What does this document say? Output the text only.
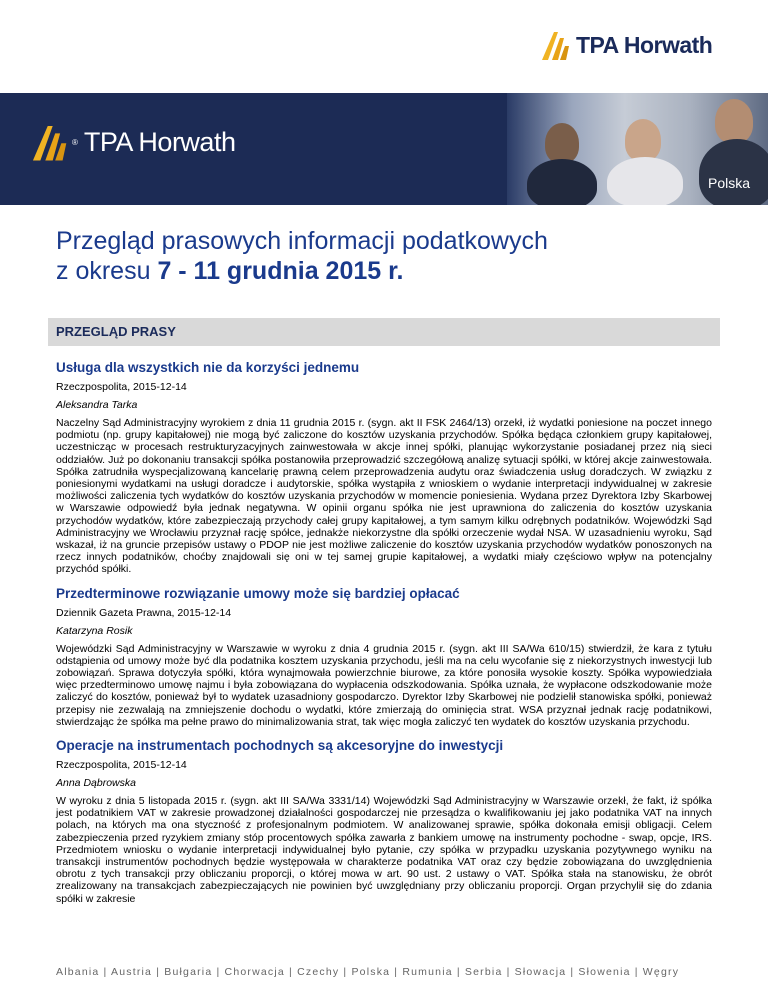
TPA Horwath
® TPA Horwath
Polska
Przegląd prasowych informacji podatkowych
z okresu 7 - 11 grudnia 2015 r.
PRZEGLĄD PRASY
Usługa dla wszystkich nie da korzyści jednemu
Rzeczpospolita, 2015-12-14
Aleksandra Tarka

Naczelny Sąd Administracyjny wyrokiem z dnia 11 grudnia 2015 r. (sygn. akt II FSK 2464/13) orzekł, iż wydatki poniesione na poczet innego podmiotu (np. grupy kapitałowej) nie mogą być zaliczone do kosztów uzyskania przychodów. Spółka będąca członkiem grupy kapitałowej, uczestnicząc w procesach restrukturyzacyjnych zainwestowała w akcje innej spółki, planując wykorzystanie posiadanej przez nią sieci oddziałów. Już po dokonaniu transakcji spółka postanowiła przeprowadzić szczegółową analizę sytuacji spółki, w której akcje zainwestowała. Spółka zatrudniła wyspecjalizowaną kancelarię prawną celem przeprowadzenia audytu oraz świadczenia usług doradczych. W związku z poniesionymi wydatkami na usługi doradcze i audytorskie, spółka wystąpiła z wnioskiem o wydanie interpretacji indywidualnej w zakresie możliwości zaliczenia tych wydatków do kosztów uzyskania przychodów w momencie poniesienia. Wydana przez Dyrektora Izby Skarbowej w Warszawie odpowiedź była jednak negatywna. W opinii organu spółka nie jest uprawniona do zaliczenia do kosztów uzyskania przychodów wydatków, które zabezpieczają przychody całej grupy kapitałowej, a tym samym kilku odrębnych podatników. Wojewódzki Sąd Administracyjny we Wrocławiu przyznał rację spółce, jednakże niekorzystne dla spółki orzeczenie wydał NSA. W uzasadnieniu wyroku, Sąd wskazał, iż na gruncie przepisów ustawy o PDOP nie jest możliwe zaliczenie do kosztów uzyskania przychodów wydatków ponoszonych na rzecz innych podatników, choćby znajdowali się oni w tej samej grupie kapitałowej, a wydatki miały częściowo wpływ na potencjalny przychód spółki.

Przedterminowe rozwiązanie umowy może się bardziej opłacać
Dziennik Gazeta Prawna, 2015-12-14
Katarzyna Rosik

Wojewódzki Sąd Administracyjny w Warszawie w wyroku z dnia 4 grudnia 2015 r. (sygn. akt III SA/Wa 610/15) stwierdził, że kara z tytułu odstąpienia od umowy może być dla podatnika kosztem uzyskania przychodu, jeśli ma na celu wycofanie się z niekorzystnych inwestycji lub zobowiązań. Sprawa dotyczyła spółki, która wynajmowała powierzchnie biurowe, za które ponosiła wysokie koszty. Spółka wypowiedziała więc przedterminowo umowę najmu i była zobowiązana do wypłacenia odszkodowania. Spółka uznała, że wypłacone odszkodowanie może zaliczyć do kosztów, ponieważ był to wydatek uzasadniony gospodarczo. Dyrektor Izby Skarbowej nie podzielił stanowiska spółki, ponieważ przepisy nie zezwalają na zmniejszenie dochodu o wydatki, które zmierzają do ominięcia strat. WSA przyznał jednak rację podatnikowi, stwierdzając że spółka ma pełne prawo do minimalizowania strat, tak więc mogła zaliczyć ten wydatek do kosztów uzyskania przychodu.

Operacje na instrumentach pochodnych są akcesoryjne do inwestycji
Rzeczpospolita, 2015-12-14
Anna Dąbrowska

W wyroku z dnia 5 listopada 2015 r. (sygn. akt III SA/Wa 3331/14) Wojewódzki Sąd Administracyjny w Warszawie orzekł, że fakt, iż spółka jest podatnikiem VAT w zakresie prowadzonej działalności gospodarczej nie przesądza o kwalifikowaniu jej jako podatnika VAT na innych polach, na których ma ona styczność z profesjonalnym podmiotem. W analizowanej sprawie, spółka dokonała emisji obligacji. Celem zabezpieczenia przed ryzykiem zmiany stóp procentowych spółka zawarła z bankiem umowę na instrumenty pochodne - swap, opcje, IRS. Przedmiotem wniosku o wydanie interpretacji indywidualnej było pytanie, czy spółka w przypadku uzyskania pozytywnego wyniku na transakcji instrumentów pochodnych będzie występowała w charakterze podatnika VAT oraz czy będzie zobowiązana do uwzględnienia obrotu z tych transakcji przy obliczaniu proporcji, o której mowa w art. 90 ust. 2 ustawy o VAT. Spółka stała na stanowisku, że obrót zrealizowany na transakcjach zabezpieczających nie powinien być uwzględniany przy obliczaniu proporcji. Organ przychylił się do zdania spółki w zakresie

Albania | Austria | Bułgaria | Chorwacja | Czechy | Polska | Rumunia | Serbia | Słowacja | Słowenia | Węgry
